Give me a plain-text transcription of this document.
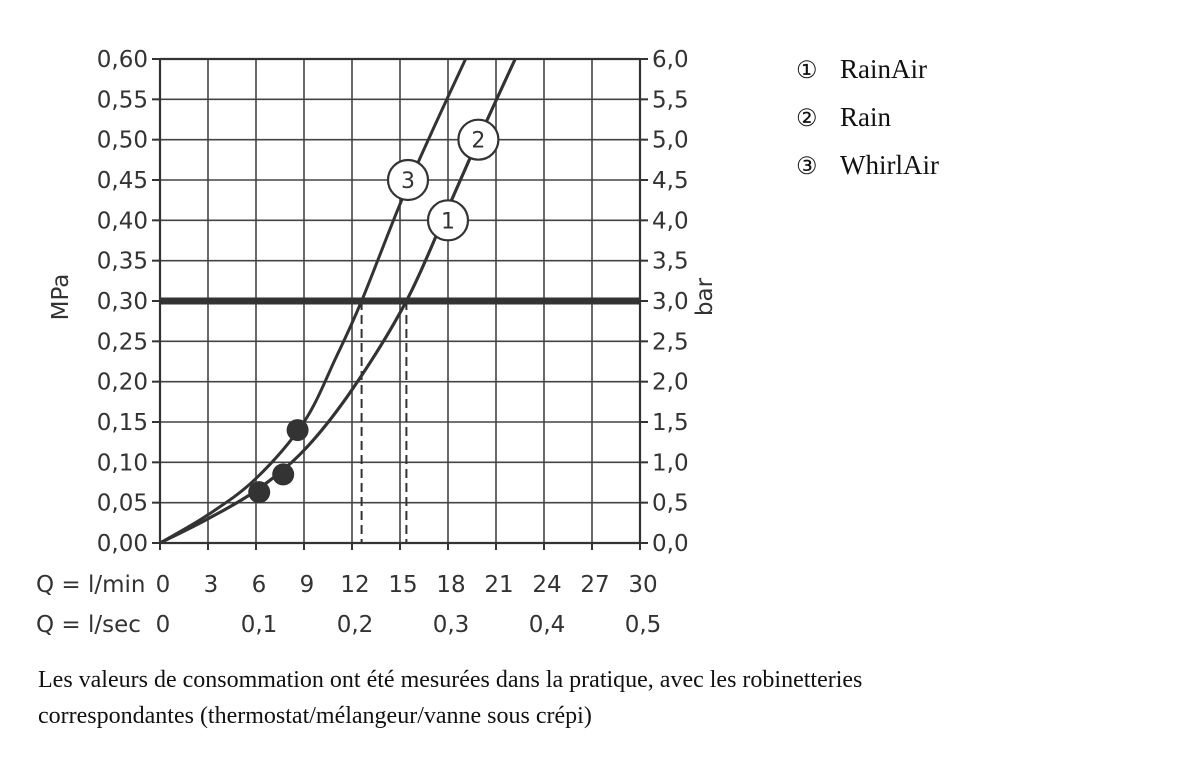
3
2
1
0,00
0,05
0,10
0,15
0,20
0,25
0,30
0,35
0,40
0,45
0,50
0,55
0,60
0,0
0,5
1,0
1,5
2,0
2,5
3,0
3,5
4,0
4,5
5,0
5,5
6,0
0 3 6 9 12 15 18 21 24 27 30
0	0,1	0,2	0,3	0,4	0,5
MPa	bar
Q = l/min
Q = l/sec
① RainAir
② Rain
③ WhirlAir
Les valeurs de consommation ont été mesurées dans la pratique, avec les robinetteries
correspondantes (thermostat/mélangeur/vanne sous crépi)
